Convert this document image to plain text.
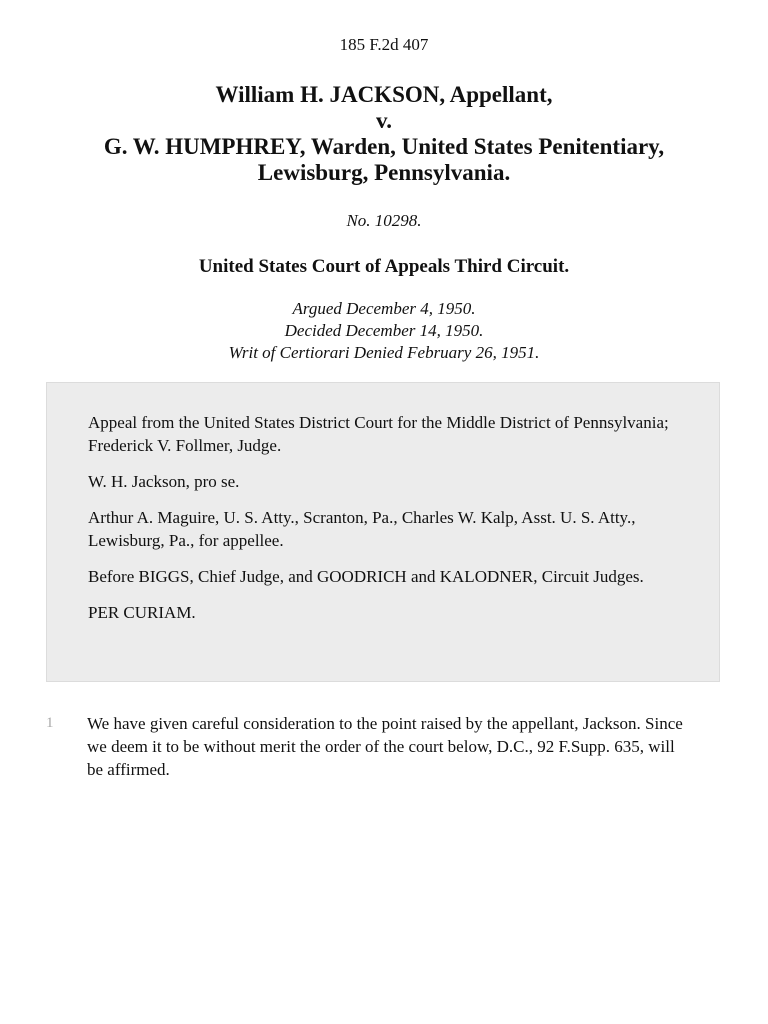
185 F.2d 407
William H. JACKSON, Appellant,
v.
G. W. HUMPHREY, Warden, United States Penitentiary,
Lewisburg, Pennsylvania.
No. 10298.
United States Court of Appeals Third Circuit.
Argued December 4, 1950.
Decided December 14, 1950.
Writ of Certiorari Denied February 26, 1951.

Appeal from the United States District Court for the Middle District of Pennsylvania; Frederick V. Follmer, Judge.

W. H. Jackson, pro se.

Arthur A. Maguire, U. S. Atty., Scranton, Pa., Charles W. Kalp, Asst. U. S. Atty., Lewisburg, Pa., for appellee.

Before BIGGS, Chief Judge, and GOODRICH and KALODNER, Circuit Judges.

PER CURIAM.

1 We have given careful consideration to the point raised by the appellant, Jackson. Since we deem it to be without merit the order of the court below, D.C., 92 F.Supp. 635, will be affirmed.
